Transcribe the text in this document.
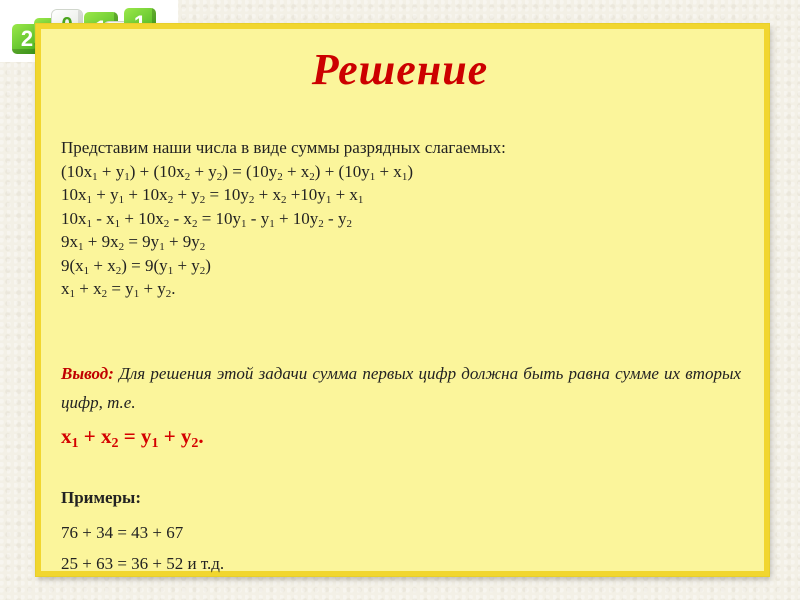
2
Решение
Представим наши числа в виде суммы разрядных слагаемых:
$(10x_1 + y_1) + (10x_2 + y_2) = (10y_2 + x_2) + (10y_1 + x_1)$
$10x_1 + y_1 + 10x_2 + y_2 = 10y_2 + x_2 +10y_1 + x_1$
$10x_1 - x_1 + 10x_2 - x_2 = 10y_1 - y_1 + 10y_2 - y_2$
$9x_1 + 9x_2 = 9y_1 + 9y_2$
$9(x_1 + x_2) = 9(y_1 + y_2)$
$x_1 + x_2 = y_1 + y_2$.
Вывод: Для решения этой задачи сумма первых цифр должна быть равна сумме их вторых цифр, т.е.
$x_1 + x_2 = y_1 + y_2$.
Примеры:
76 + 34 = 43 + 67
25 + 63 = 36 + 52 и т.д.
